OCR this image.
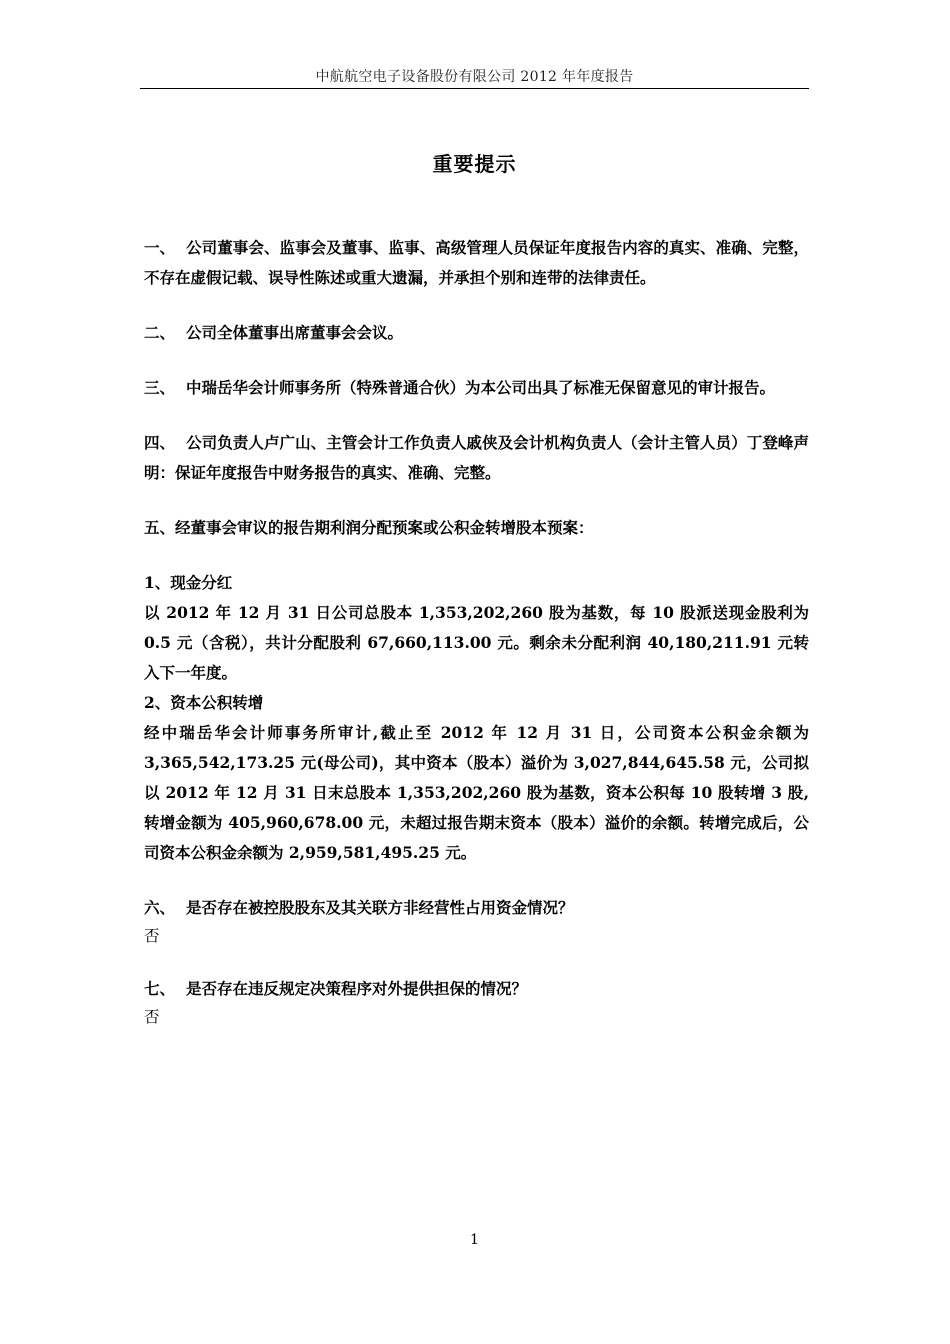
中航航空电子设备股份有限公司 2012 年年度报告
重要提示

一、 公司董事会、监事会及董事、监事、高级管理人员保证年度报告内容的真实、准确、完整，不存在虚假记载、误导性陈述或重大遗漏，并承担个别和连带的法律责任。

二、 公司全体董事出席董事会会议。

三、 中瑞岳华会计师事务所（特殊普通合伙）为本公司出具了标准无保留意见的审计报告。

四、 公司负责人卢广山、主管会计工作负责人戚侠及会计机构负责人（会计主管人员）丁登峰声明：保证年度报告中财务报告的真实、准确、完整。

五、经董事会审议的报告期利润分配预案或公积金转增股本预案：

1、现金分红

以 2012 年 12 月 31 日公司总股本 1,353,202,260 股为基数，每 10 股派送现金股利为 0.5 元（含税），共计分配股利 67,660,113.00 元。剩余未分配利润 40,180,211.91 元转入下一年度。

2、资本公积转增

经中瑞岳华会计师事务所审计,截止至 2012 年 12 月 31 日，公司资本公积金余额为 3,365,542,173.25 元(母公司)，其中资本（股本）溢价为 3,027,844,645.58 元，公司拟以 2012 年 12 月 31 日末总股本 1,353,202,260 股为基数，资本公积每 10 股转增 3 股,转增金额为 405,960,678.00 元，未超过报告期末资本（股本）溢价的余额。转增完成后，公司资本公积金余额为 2,959,581,495.25 元。

六、 是否存在被控股股东及其关联方非经营性占用资金情况？

否

七、 是否存在违反规定决策程序对外提供担保的情况？

否

1
